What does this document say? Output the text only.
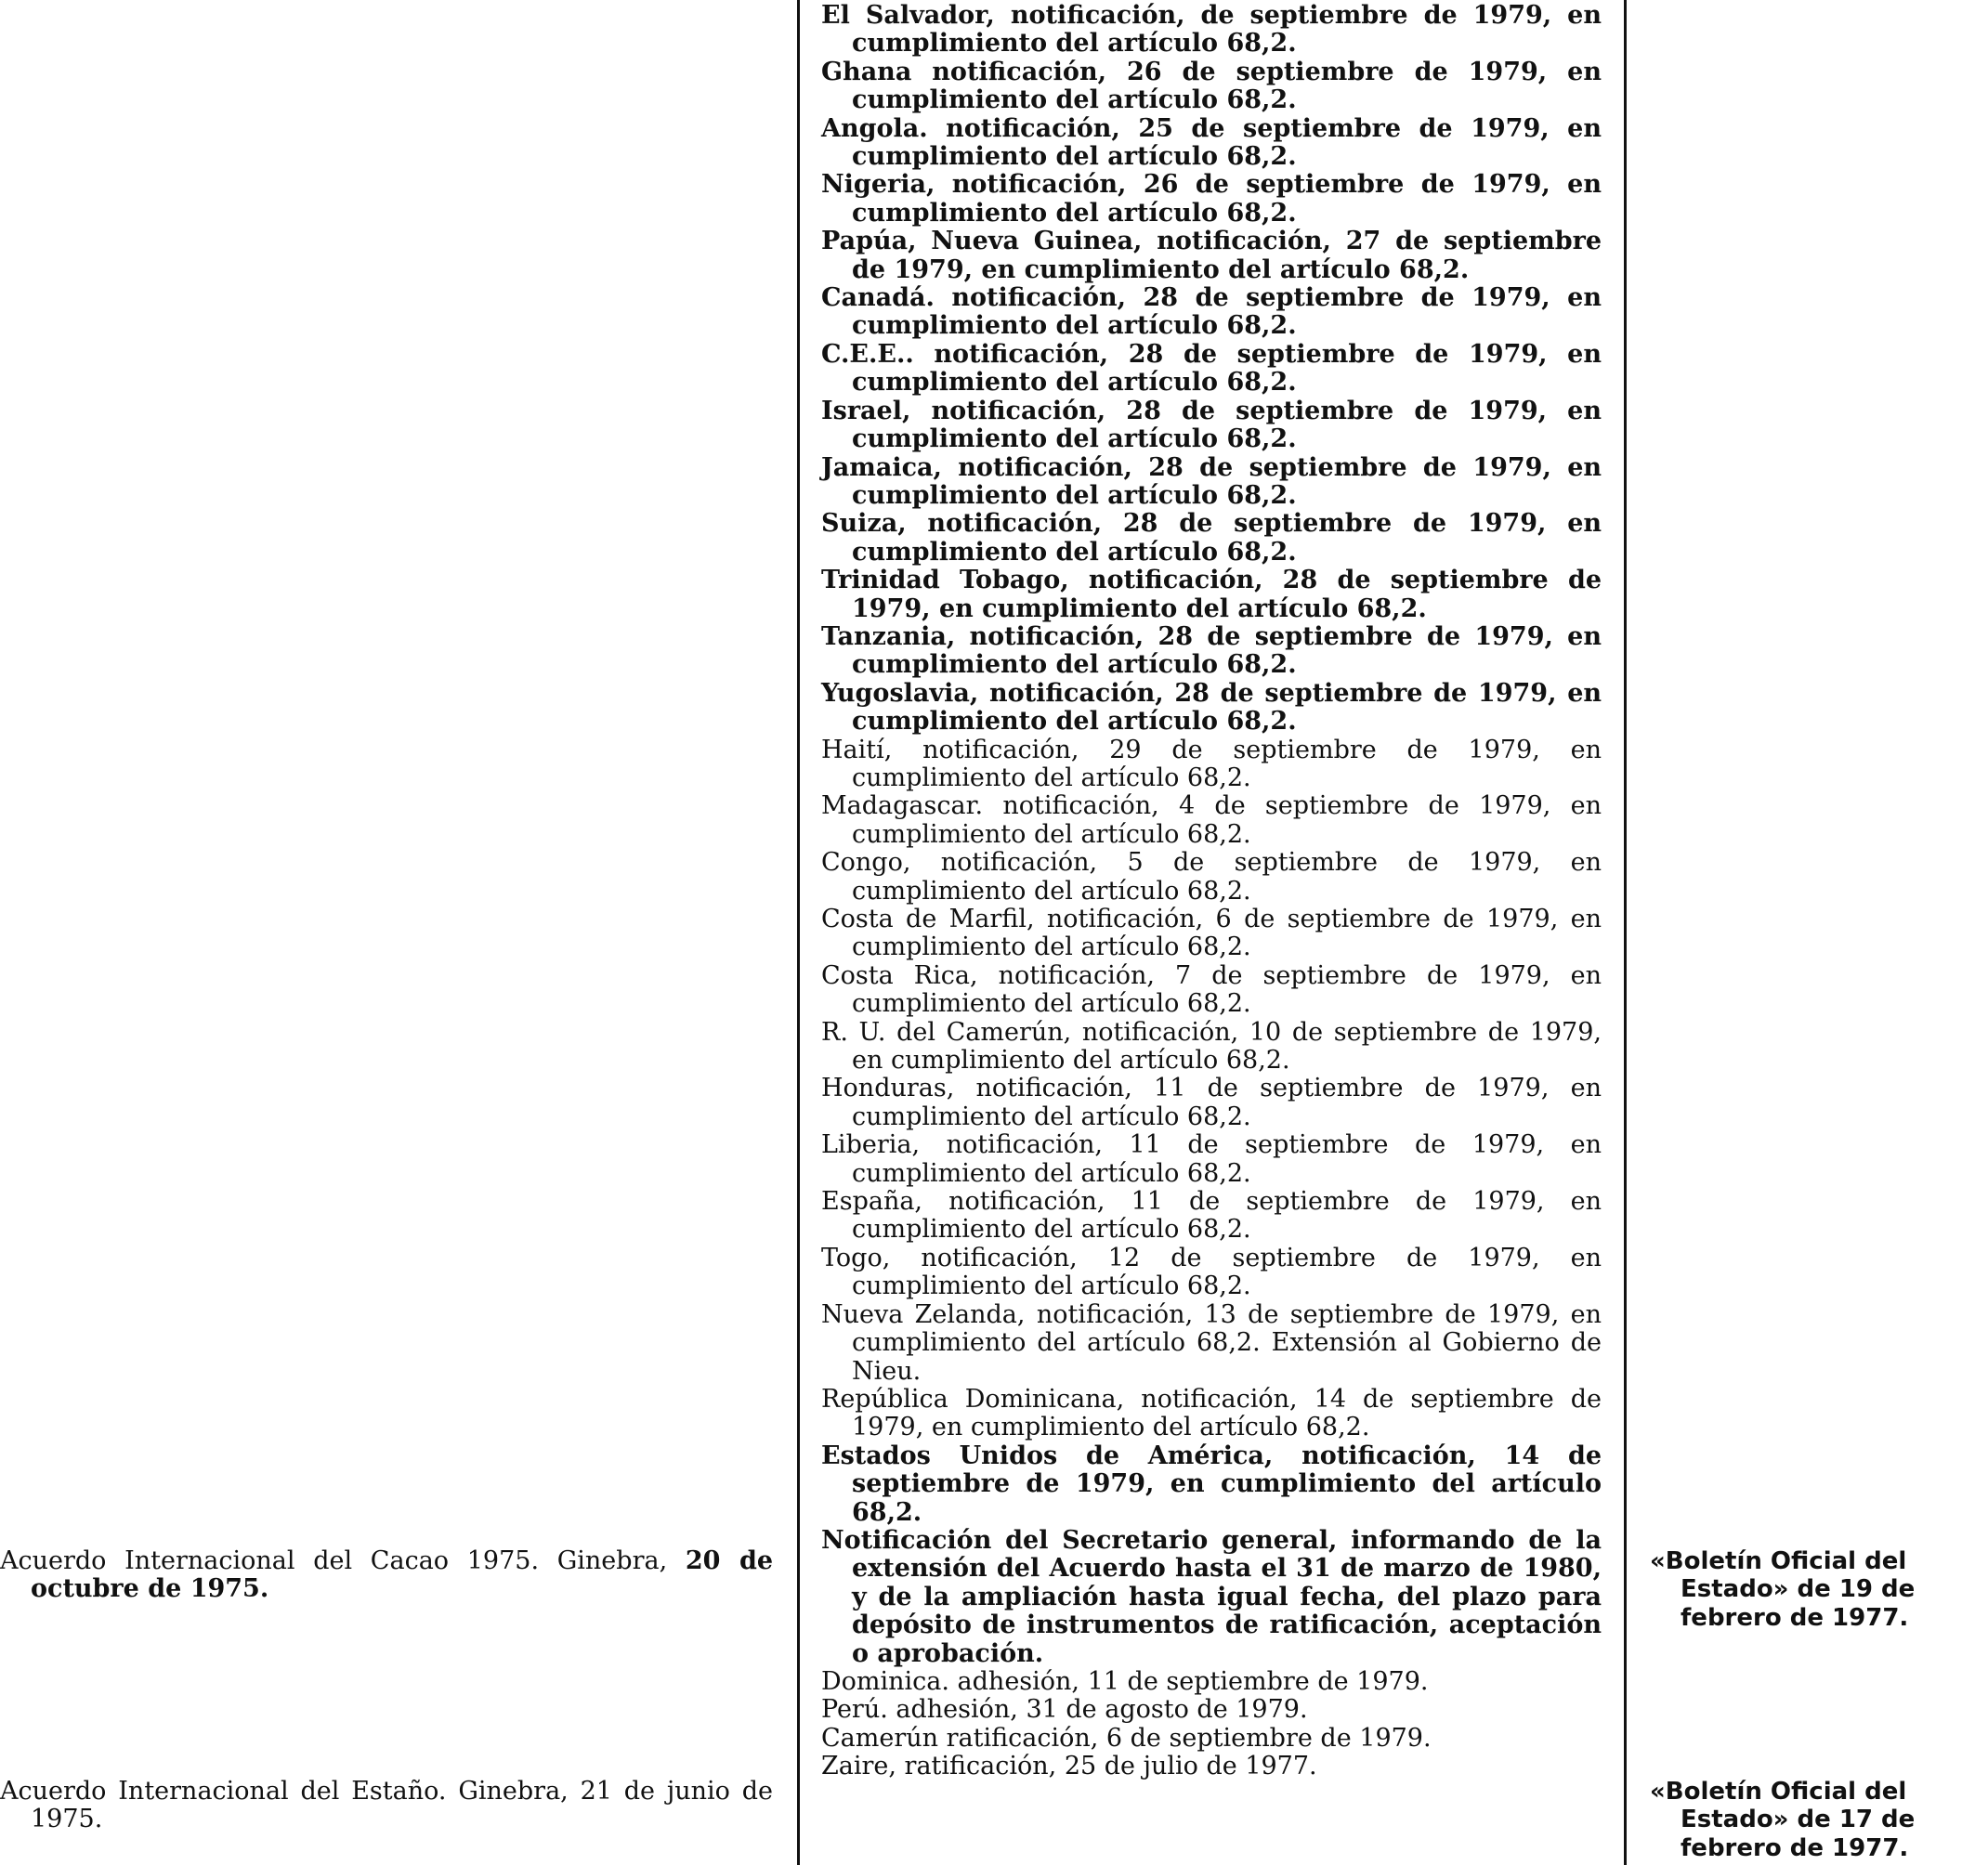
El Salvador, notificación, de septiembre de 1979, en cumplimiento del artículo 68,2.

Ghana notificación, 26 de septiembre de 1979, en cumplimiento del artículo 68,2.

Angola. notificación, 25 de septiembre de 1979, en cumplimiento del artículo 68,2.

Nigeria, notificación, 26 de septiembre de 1979, en cumplimiento del artículo 68,2.

Papúa, Nueva Guinea, notificación, 27 de septiembre de 1979, en cumplimiento del artículo 68,2.

Canadá. notificación, 28 de septiembre de 1979, en cumplimiento del artículo 68,2.

C.E.E.. notificación, 28 de septiembre de 1979, en cumplimiento del artículo 68,2.

Israel, notificación, 28 de septiembre de 1979, en cumplimiento del artículo 68,2.

Jamaica, notificación, 28 de septiembre de 1979, en cumplimiento del artículo 68,2.

Suiza, notificación, 28 de septiembre de 1979, en cumplimiento del artículo 68,2.

Trinidad Tobago, notificación, 28 de septiembre de 1979, en cumplimiento del artículo 68,2.

Tanzania, notificación, 28 de septiembre de 1979, en cumplimiento del artículo 68,2.

Yugoslavia, notificación, 28 de septiembre de 1979, en cumplimiento del artículo 68,2.

Haití, notificación, 29 de septiembre de 1979, en cumplimiento del artículo 68,2.

Madagascar. notificación, 4 de septiembre de 1979, en cumplimiento del artículo 68,2.

Congo, notificación, 5 de septiembre de 1979, en cumplimiento del artículo 68,2.

Costa de Marfil, notificación, 6 de septiembre de 1979, en cumplimiento del artículo 68,2.

Costa Rica, notificación, 7 de septiembre de 1979, en cumplimiento del artículo 68,2.

R. U. del Camerún, notificación, 10 de septiembre de 1979, en cumplimiento del artículo 68,2.

Honduras, notificación, 11 de septiembre de 1979, en cumplimiento del artículo 68,2.

Liberia, notificación, 11 de septiembre de 1979, en cumplimiento del artículo 68,2.

España, notificación, 11 de septiembre de 1979, en cumplimiento del artículo 68,2.

Togo, notificación, 12 de septiembre de 1979, en cumplimiento del artículo 68,2.

Nueva Zelanda, notificación, 13 de septiembre de 1979, en cumplimiento del artículo 68,2. Extensión al Gobierno de Nieu.

República Dominicana, notificación, 14 de septiembre de 1979, en cumplimiento del artículo 68,2.

Estados Unidos de América, notificación, 14 de septiembre de 1979, en cumplimiento del artículo 68,2.

Notificación del Secretario general, informando de la extensión del Acuerdo hasta el 31 de marzo de 1980, y de la ampliación hasta igual fecha, del plazo para depósito de instrumentos de ratificación, aceptación o aprobación.

Dominica. adhesión, 11 de septiembre de 1979.

Perú. adhesión, 31 de agosto de 1979.

Camerún ratificación, 6 de septiembre de 1979.

Zaire, ratificación, 25 de julio de 1977.

Acuerdo Internacional del Cacao 1975. Ginebra, 20 de octubre de 1975.
Acuerdo Internacional del Estaño. Ginebra, 21 de junio de 1975.
«Boletín Oficial del Estado» de 19 de febrero de 1977.
«Boletín Oficial del Estado» de 17 de febrero de 1977.
